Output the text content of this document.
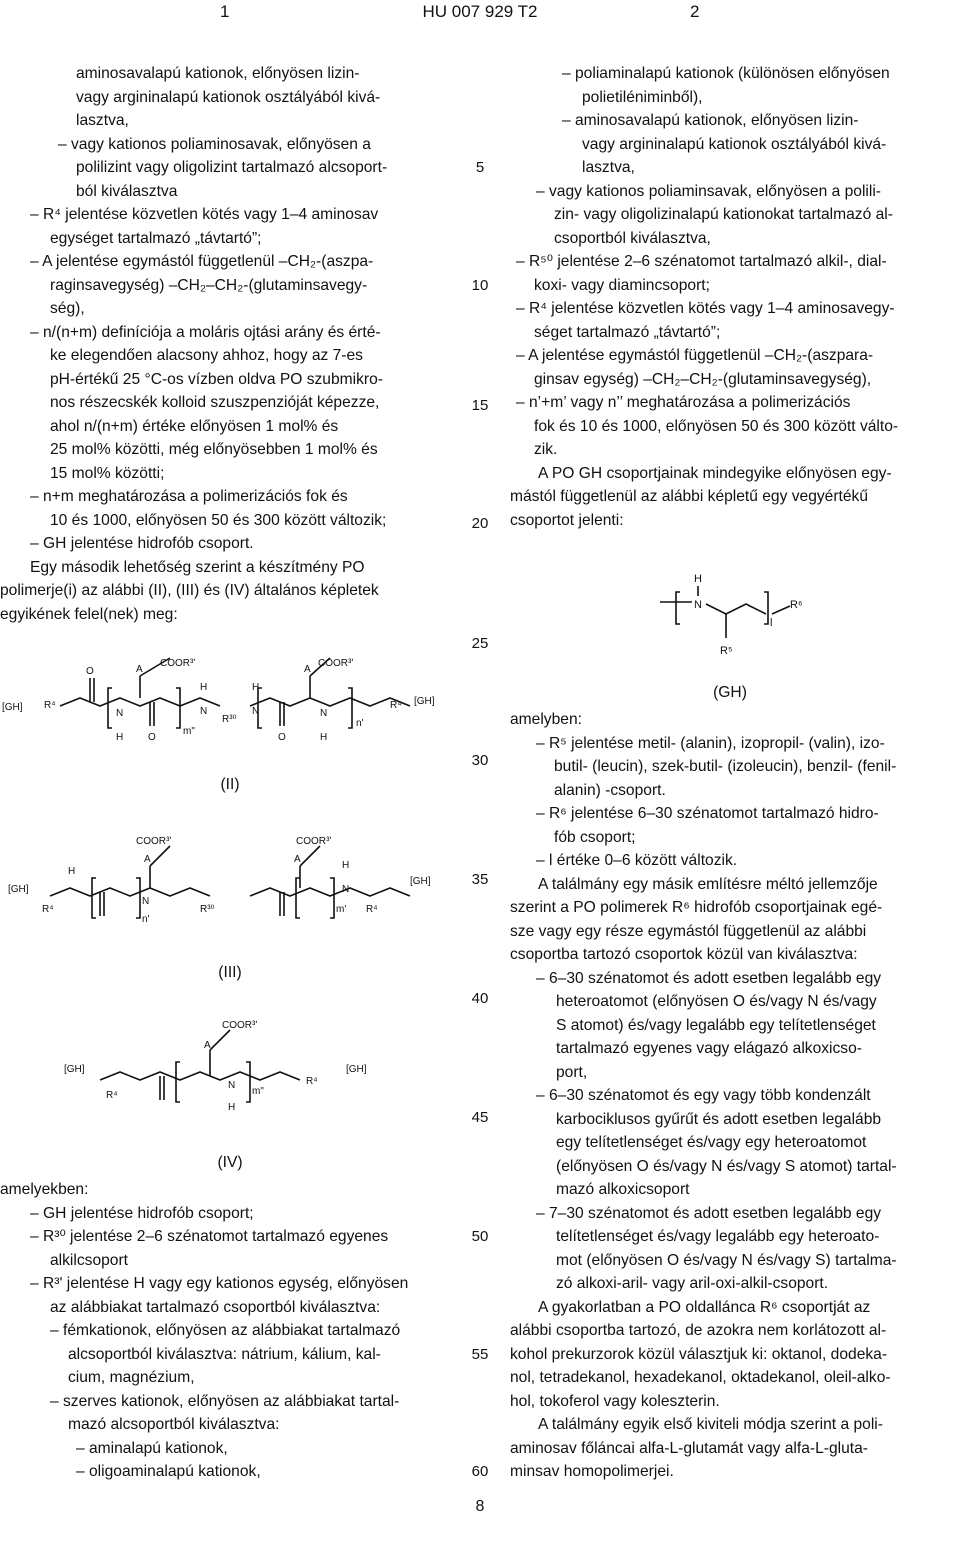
1	HU 007 929 T2	2
5
10
15
20
25
30
35
40
45
50
55
60
aminosavalapú kationok, előnyösen lizin-
vagy argininalapú kationok osztályából kivá-
lasztva,
– vagy kationos poliaminosavak, előnyösen a
polilizint vagy oligolizint tartalmazó alcsoport-
ból kiválasztva
– R⁴ jelentése közvetlen kötés vagy 1–4 aminosav
egységet tartalmazó „távtartó”;
– A jelentése egymástól függetlenül –CH₂-(aszpa-
raginsavegység) –CH₂–CH₂-(glutaminsavegy-
ség),
– n/(n+m) definíciója a moláris ojtási arány és érté-
ke elegendően alacsony ahhoz, hogy az 7-es
pH-értékű 25 °C-os vízben oldva PO szubmikro-
nos részecskék kolloid szuszpenzióját képezze,
ahol n/(n+m) értéke előnyösen 1 mol% és
25 mol% közötti, még előnyösebben 1 mol% és
15 mol% közötti;
– n+m meghatározása a polimerizációs fok és
10 és 1000, előnyösen 50 és 300 között változik;
– GH jelentése hidrofób csoport.
Egy második lehetőség szerint a készítmény PO
polimerje(i) az alábbi (II), (III) és (IV) általános képletek
egyikének felel(nek) meg:
[GH] R⁴
O
N
H
A
COOR³ʹ
O
m"
H
N
R³⁰
H
N
O
A
COOR³ʹ
N
H
n'
R⁴ [GH]
(II)
[GH]
R⁴
H
COOR³ʹ
A
N
n'
R³⁰
COOR³ʹ
A
m'
H
N
R⁴
[GH]
(III)
[GH]
R⁴
COOR³ʹ
A
N
H
m"
R⁴
[GH]
(IV)
amelyekben:
– GH jelentése hidrofób csoport;
– R³⁰ jelentése 2–6 szénatomot tartalmazó egyenes
alkilcsoport
– R³ʹ jelentése H vagy egy kationos egység, előnyösen
az alábbiakat tartalmazó csoportból kiválasztva:
– fémkationok, előnyösen az alábbiakat tartalmazó
alcsoportból kiválasztva: nátrium, kálium, kal-
cium, magnézium,
– szerves kationok, előnyösen az alábbiakat tartal-
mazó alcsoportból kiválasztva:
– aminalapú kationok,
– oligoaminalapú kationok,
– poliaminalapú kationok (különösen előnyösen
polietiléniminből),
– aminosavalapú kationok, előnyösen lizin-
vagy argininalapú kationok osztályából kivá-
lasztva,
– vagy kationos poliaminsavak, előnyösen a polili-
zin- vagy oligolizinalapú kationokat tartalmazó al-
csoportból kiválasztva,
– R⁵⁰ jelentése 2–6 szénatomot tartalmazó alkil-, dial-
koxi- vagy diamincsoport;
– R⁴ jelentése közvetlen kötés vagy 1–4 aminosavegy-
séget tartalmazó „távtartó”;
– A jelentése egymástól függetlenül –CH₂-(aszpara-
ginsav egység) –CH₂–CH₂-(glutaminsavegység),
– n’+m’ vagy n’’ meghatározása a polimerizációs
fok és 10 és 1000, előnyösen 50 és 300 között válto-
zik.
A PO GH csoportjainak mindegyike előnyösen egy-
mástól függetlenül az alábbi képletű egy vegyértékű
csoportot jelenti:
H
N
R⁵
l
R⁶
(GH)
amelyben:
– R⁵ jelentése metil- (alanin), izopropil- (valin), izo-
butil- (leucin), szek-butil- (izoleucin), benzil- (fenil-
alanin) -csoport.
– R⁶ jelentése 6–30 szénatomot tartalmazó hidro-
fób csoport;
– l értéke 0–6 között változik.
A találmány egy másik említésre méltó jellemzője
szerint a PO polimerek R⁶ hidrofób csoportjainak egé-
sze vagy egy része egymástól függetlenül az alábbi
csoportba tartozó csoportok közül van kiválasztva:
– 6–30 szénatomot és adott esetben legalább egy
heteroatomot (előnyösen O és/vagy N és/vagy
S atomot) és/vagy legalább egy telítetlenséget
tartalmazó egyenes vagy elágazó alkoxicso-
port,
– 6–30 szénatomot és egy vagy több kondenzált
karbociklusos gyűrűt és adott esetben legalább
egy telítetlenséget és/vagy egy heteroatomot
(előnyösen O és/vagy N és/vagy S atomot) tartal-
mazó alkoxicsoport
– 7–30 szénatomot és adott esetben legalább egy
telítetlenséget és/vagy legalább egy heteroato-
mot (előnyösen O és/vagy N és/vagy S) tartalma-
zó alkoxi-aril- vagy aril-oxi-alkil-csoport.
A gyakorlatban a PO oldallánca R⁶ csoportját az
alábbi csoportba tartozó, de azokra nem korlátozott al-
kohol prekurzorok közül választjuk ki: oktanol, dodeka-
nol, tetradekanol, hexadekanol, oktadekanol, oleil-alko-
hol, tokoferol vagy koleszterin.
A találmány egyik első kiviteli módja szerint a poli-
aminosav főláncai alfa-L-glutamát vagy alfa-L-gluta-
minsav homopolimerjei.
8
